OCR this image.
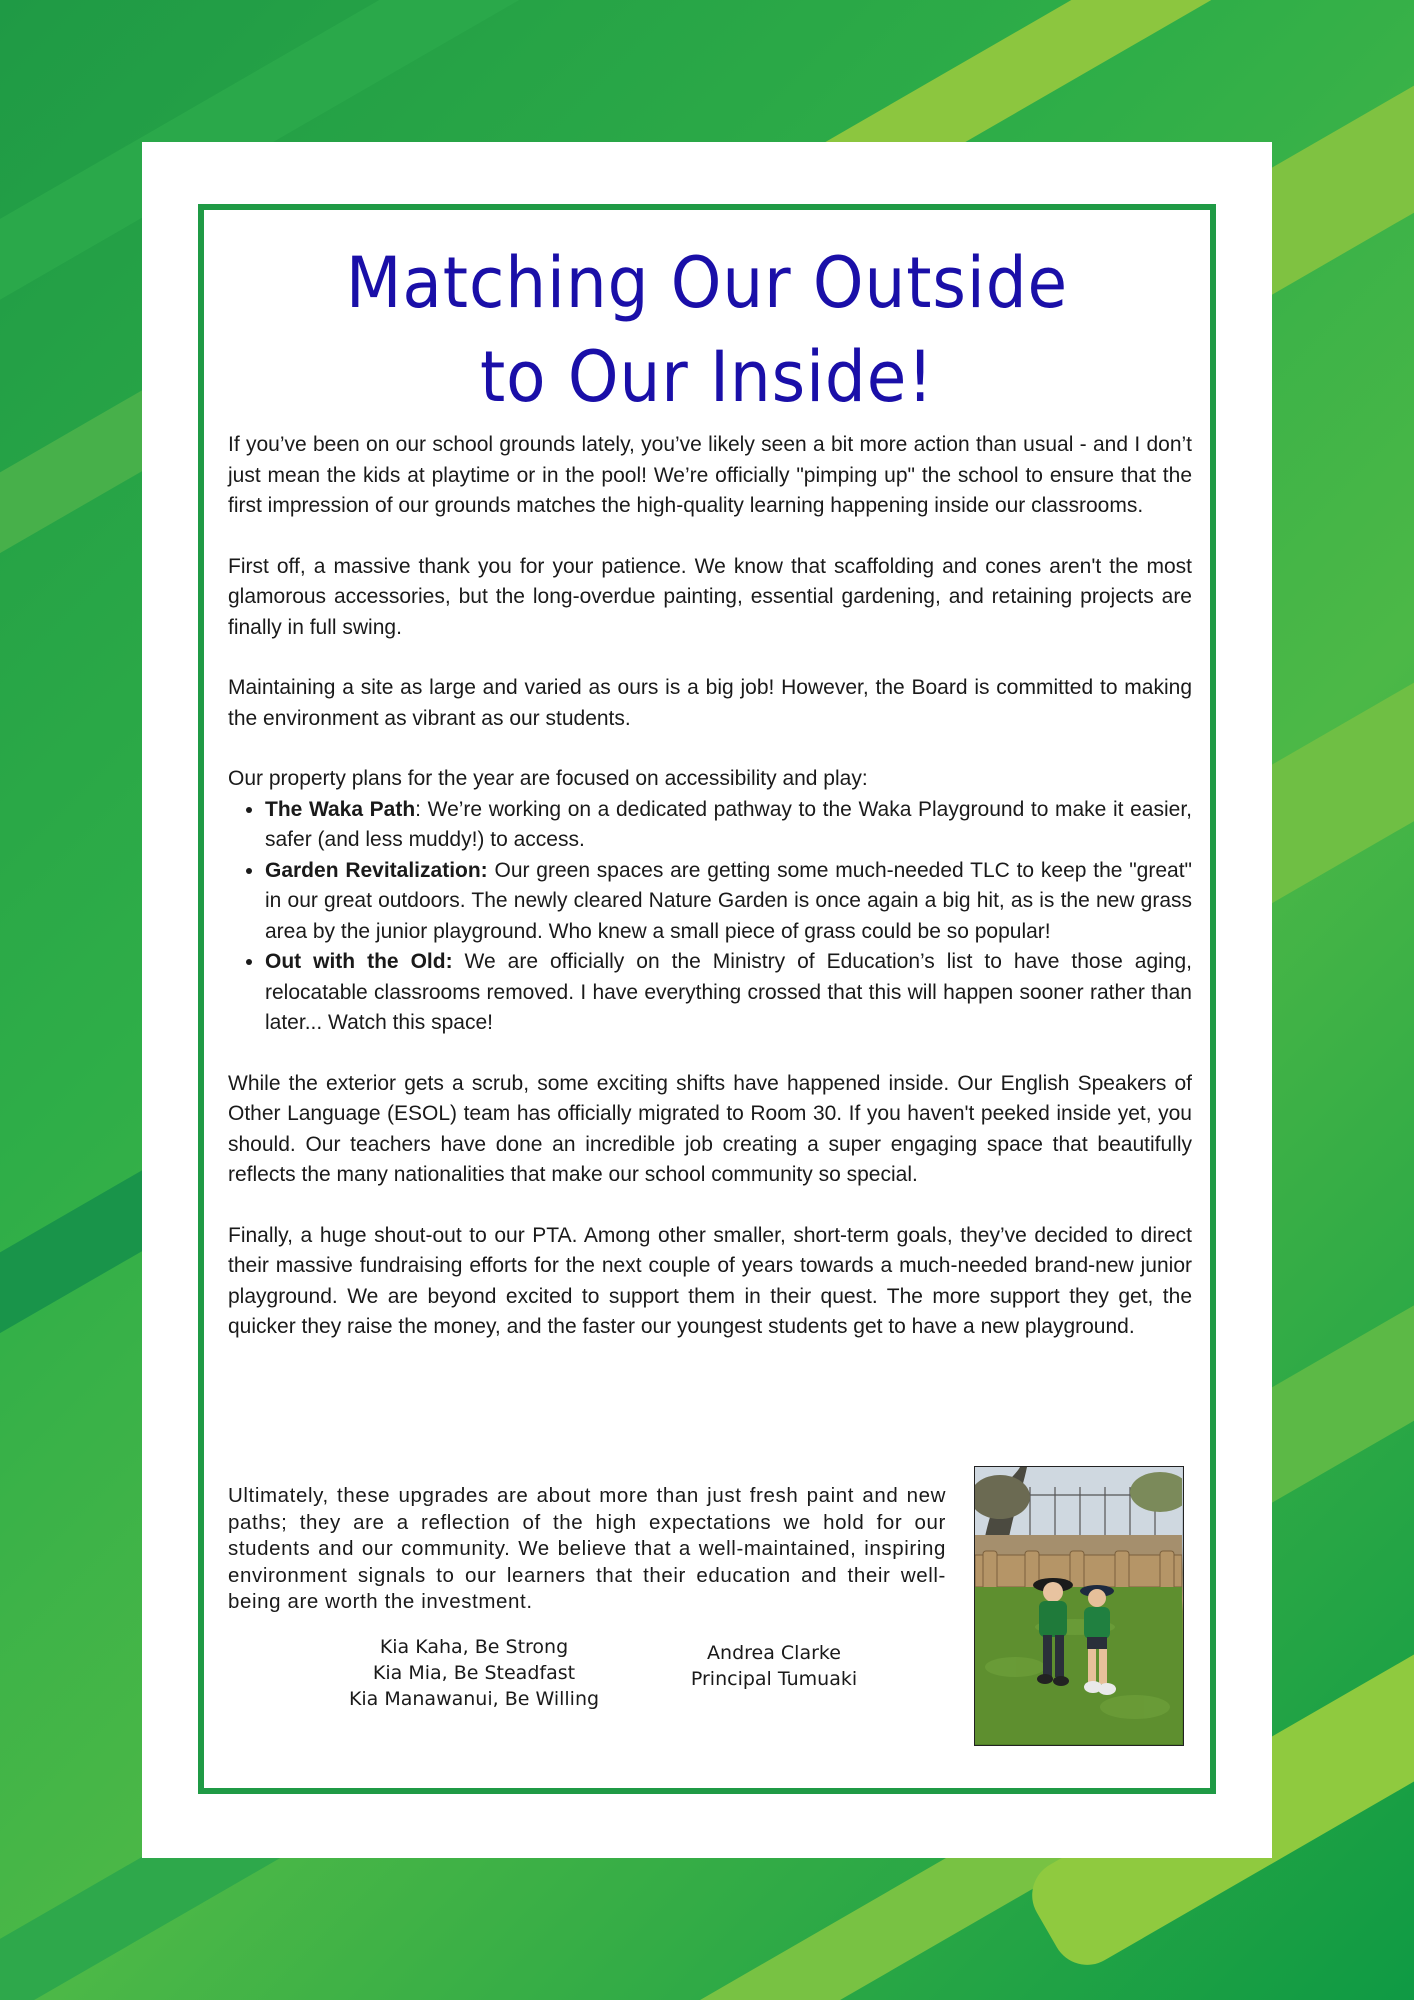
Matching Our Outside
to Our Inside!

If you’ve been on our school grounds lately, you’ve likely seen a bit more action than usual - and I don’t just mean the kids at playtime or in the pool! We’re officially "pimping up" the school to ensure that the first impression of our grounds matches the high-quality learning happening inside our classrooms.

First off, a massive thank you for your patience. We know that scaffolding and cones aren't the most glamorous accessories, but the long-overdue painting, essential gardening, and retaining projects are finally in full swing.

Maintaining a site as large and varied as ours is a big job! However, the Board is committed to making the environment as vibrant as our students.

Our property plans for the year are focused on accessibility and play:

• The Waka Path: We’re working on a dedicated pathway to the Waka Playground to make it easier, safer (and less muddy!) to access.
• Garden Revitalization: Our green spaces are getting some much-needed TLC to keep the "great" in our great outdoors. The newly cleared Nature Garden is once again a big hit, as is the new grass area by the junior playground. Who knew a small piece of grass could be so popular!
• Out with the Old: We are officially on the Ministry of Education’s list to have those aging, relocatable classrooms removed. I have everything crossed that this will happen sooner rather than later... Watch this space!

While the exterior gets a scrub, some exciting shifts have happened inside. Our English Speakers of Other Language (ESOL) team has officially migrated to Room 30. If you haven't peeked inside yet, you should. Our teachers have done an incredible job creating a super engaging space that beautifully reflects the many nationalities that make our school community so special.

Finally, a huge shout-out to our PTA. Among other smaller, short-term goals, they’ve decided to direct their massive fundraising efforts for the next couple of years towards a much-needed brand-new junior playground. We are beyond excited to support them in their quest. The more support they get, the quicker they raise the money, and the faster our youngest students get to have a new playground.

Ultimately, these upgrades are about more than just fresh paint and new paths; they are a reflection of the high expectations we hold for our students and our community. We believe that a well-maintained, inspiring environment signals to our learners that their education and their well-being are worth the investment.

Kia Kaha, Be Strong
Kia Mia, Be Steadfast
Kia Manawanui, Be Willing
Andrea Clarke
Principal Tumuaki
